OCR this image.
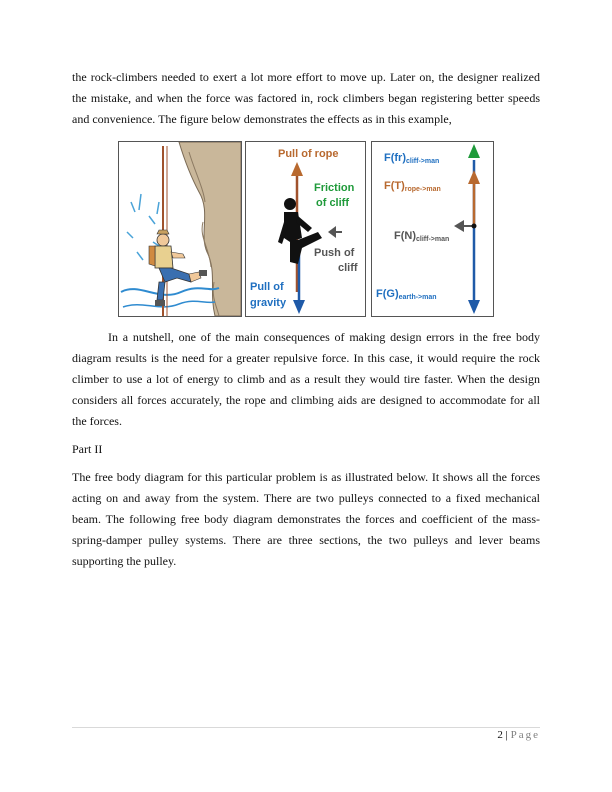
the rock-climbers needed to exert a lot more effort to move up. Later on, the designer realized
the mistake, and when the force was factored in, rock climbers began registering better speeds
and convenience. The figure below demonstrates the effects as in this example,
Pull of rope
Friction
of cliff
Push of
cliff
Pull of
gravity
$F(fr)_{cliff->man}$
$F(T)_{rope->man}$
$F(N)_{cliff->man}$
$F(G)_{earth->man}$
In a nutshell, one of the main consequences of making design errors in the free body
diagram results is the need for a greater repulsive force. In this case, it would require the rock
climber to use a lot of energy to climb and as a result they would tire faster. When the design
considers all forces accurately, the rope and climbing aids are designed to accommodate for all
the forces.
Part II
The free body diagram for this particular problem is as illustrated below. It shows all the forces
acting on and away from the system. There are two pulleys connected to a fixed mechanical
beam. The following free body diagram demonstrates the forces and coefficient of the mass-
spring-damper pulley systems. There are three sections, the two pulleys and lever beams
supporting the pulley.
2 | Page
